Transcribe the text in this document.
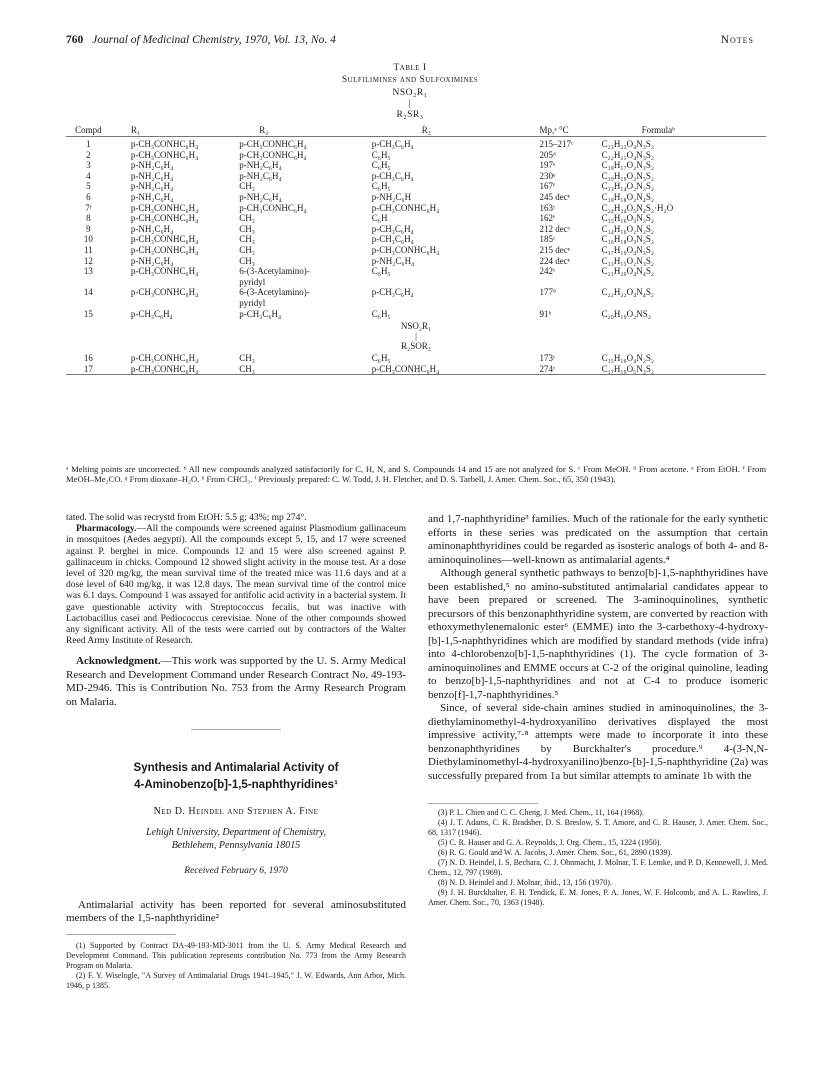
760 Journal of Medicinal Chemistry, 1970, Vol. 13, No. 4	Notes
Table I
Sulfilimines and Sulfoximines
NSO₂R₁
|
R₂SR₃
Compd	R₁	R₂	R₃	Mp,ᵃ °C	Formulaᵇ

1	p-CH₃CONHC₆H₄	p-CH₃CONHC₆H₄	p-CH₃C₆H₄	215–217ᶜ	C₂₃H₂₃O₄N₃S₂
2	p-CH₃CONHC₆H₄	p-CH₃CONHC₆H₄	C₆H₅	205ᵈ	C₂₂H₂₁O₄N₃S₂
3	p-NH₂C₆H₄	p-NH₂C₆H₄	C₆H₅	197ᵉ	C₁₈H₁₇O₂N₃S₂
4	p-NH₂C₆H₄	p-NH₂C₆H₄	p-CH₃C₆H₄	230ᵉ	C₁₉H₁₉O₂N₃S₂
5	p-NH₂C₆H₄	CH₃	C₆H₅	167ᶠ	C₁₃H₁₄O₂N₂S₂
6	p-NH₂C₆H₄	p-NH₂C₆H₄	p-NH₂C₆H	245 decᵉ	C₁₈H₁₈O₂N₄S₂
7ᶠ	p-CH₃CONHC₆H₄	p-CH₃CONHC₆H₄	p-CH₃CONHC₆H₄	163ᶜ	C₂₄H₂₄O₅N₄S₂·H₂O
8	p-CH₃CONHC₆H₄	CH₃	C₆H	162ᶠ	C₁₅H₁₆O₃N₂S₂
9	p-NH₂C₆H₄	CH₃	p-CH₃C₆H₄	212 decᶜ	C₁₄H₁₆O₂N₂S₂
10	p-CH₃CONHC₆H₄	CH₃	p-CH₃C₆H₄	185ᶜ	C₁₆H₁₈O₃N₂S₂
11	p-CH₃CONHC₆H₄	CH₃	p-CH₃CONHC₆H₄	215 decᵉ	C₁₇H₁₉O₄N₃S₂
12	p-NH₂C₆H₄	CH₃	p-NH₂C₆H₄	224 decᵉ	C₁₃H₁₅O₂N₃S₂
13	p-CH₃CONHC₆H₄	6-(3-Acetylamino)-
pyridyl	C₆H₅	242ᶜ	C₂₁H₂₀O₄N₄S₂
14	p-CH₃CONHC₆H₄	6-(3-Acetylamino)-
pyridyl	p-CH₃C₆H₄	177ᵈ	C₂₂H₂₂O₄N₄S₂
15	p-CH₃C₆H₄	p-CH₃C₆H₄	C₆H₅	91ʰ	C₂₀H₁₉O₂NS₂

NSO₂R₁
|
R₂SOR₃					

16	p-CH₃CONHC₆H₄	CH₃	C₆H₅	173ᶜ	C₁₅H₁₆O₄N₂S₂
17	p-CH₃CONHC₆H₄	CH₃	p-CH₃CONHC₆H₄	274ᶜ	C₁₇H₁₉O₅N₃S₂

ᵃ Melting points are uncorrected. ᵇ All new compounds analyzed satisfactorily for C, H, N, and S. Compounds 14 and 15 are not analyzed for S. ᶜ From MeOH. ᵈ From acetone. ᵉ From EtOH. ᶠ From MeOH–Me₂CO. ᵍ From dioxane–H₂O. ʰ From CHCl₃. ⁱ Previously prepared: C. W. Todd, J. H. Fletcher, and D. S. Tarbell, J. Amer. Chem. Soc., 65, 350 (1943).
tated. The solid was recrystd from EtOH: 5.5 g; 43%; mp 274°.
Pharmacology.—All the compounds were screened against Plasmodium gallinaceum in mosquitoes (Aedes aegypti). All the compounds except 5, 15, and 17 were screened against P. berghei in mice. Compounds 12 and 15 were also screened against P. gallinaceum in chicks. Compound 12 showed slight activity in the mouse test. At a dose level of 320 mg/kg, the mean survival time of the treated mice was 11.6 days and at a dose level of 640 mg/kg, it was 12.8 days. The mean survival time of the control mice was 6.1 days. Compound 1 was assayed for antifolic acid activity in a bacterial system. It gave questionable activity with Streptococcus fecalis, but was inactive with Lactobacillus casei and Pediococcus cerevisiae. None of the other compounds showed any significant activity. All of the tests were carried out by contractors of the Walter Reed Army Institute of Research.
Acknowledgment.—This work was supported by the U. S. Army Medical Research and Development Command under Research Contract No. 49-193-MD-2946. This is Contribution No. 753 from the Army Research Program on Malaria.
Synthesis and Antimalarial Activity of
4-Aminobenzo[b]-1,5-naphthyridines¹
Ned D. Heindel and Stephen A. Fine
Lehigh University, Department of Chemistry,
Bethlehem, Pennsylvania 18015
Received February 6, 1970
Antimalarial activity has been reported for several aminosubstituted members of the 1,5-naphthyridine²
(1) Supported by Contract DA-49-193-MD-3011 from the U. S. Army Medical Research and Development Command. This publication represents contribution No. 773 from the Army Research Program on Malaria.
(2) F. Y. Wiselogle, "A Survey of Antimalarial Drugs 1941–1945," J. W. Edwards, Ann Arbor, Mich. 1946, p 1385.
and 1,7-naphthyridine³ families. Much of the rationale for the early synthetic efforts in these series was predicated on the assumption that certain aminonaphthyridines could be regarded as isosteric analogs of both 4- and 8-aminoquinolines—well-known as antimalarial agents.⁴
Although general synthetic pathways to benzo[b]-1,5-naphthyridines have been established,⁵ no amino-substituted antimalarial candidates appear to have been prepared or screened. The 3-aminoquinolines, synthetic precursors of this benzonaphthyridine system, are converted by reaction with ethoxymethylenemalonic ester⁶ (EMME) into the 3-carbethoxy-4-hydroxy-[b]-1,5-naphthyridines which are modified by standard methods (vide infra) into 4-chlorobenzo[b]-1,5-naphthyridines (1). The cycle formation of 3-aminoquinolines and EMME occurs at C-2 of the original quinoline, leading to benzo[b]-1,5-naphthyridines and not at C-4 to produce isomeric benzo[f]-1,7-naphthyridines.⁵
Since, of several side-chain amines studied in aminoquinolines, the 3-diethylaminomethyl-4-hydroxyanilino derivatives displayed the most impressive activity,⁷·⁸ attempts were made to incorporate it into these benzonaphthyridines by Burckhalter's procedure.⁹ 4-(3-N,N-Diethylaminomethyl-4-hydroxyanilino)benzo-[b]-1,5-naphthyridine (2a) was successfully prepared from 1a but similar attempts to aminate 1b with the
(3) P. L. Chien and C. C. Cheng, J. Med. Chem., 11, 164 (1968).
(4) J. T. Adams, C. K. Bradsher, D. S. Breslow, S. T. Amore, and C. R. Hauser, J. Amer. Chem. Soc., 68, 1317 (1946).
(5) C. R. Hauser and G. A. Reynolds, J. Org. Chem., 15, 1224 (1950).
(6) R. G. Gould and W. A. Jacobs, J. Amer. Chem. Soc., 61, 2890 (1939).
(7) N. D. Heindel, I. S. Bechara, C. J. Ohnmacht, J. Molnar, T. F. Lemke, and P. D. Kennewell, J. Med. Chem., 12, 797 (1969).
(8) N. D. Heindel and J. Molnar, ibid., 13, 156 (1970).
(9) J. H. Burckhalter, F. H. Tendick, E. M. Jones, P. A. Jones, W. F. Holcomb, and A. L. Rawlins, J. Amer. Chem. Soc., 70, 1363 (1948).
